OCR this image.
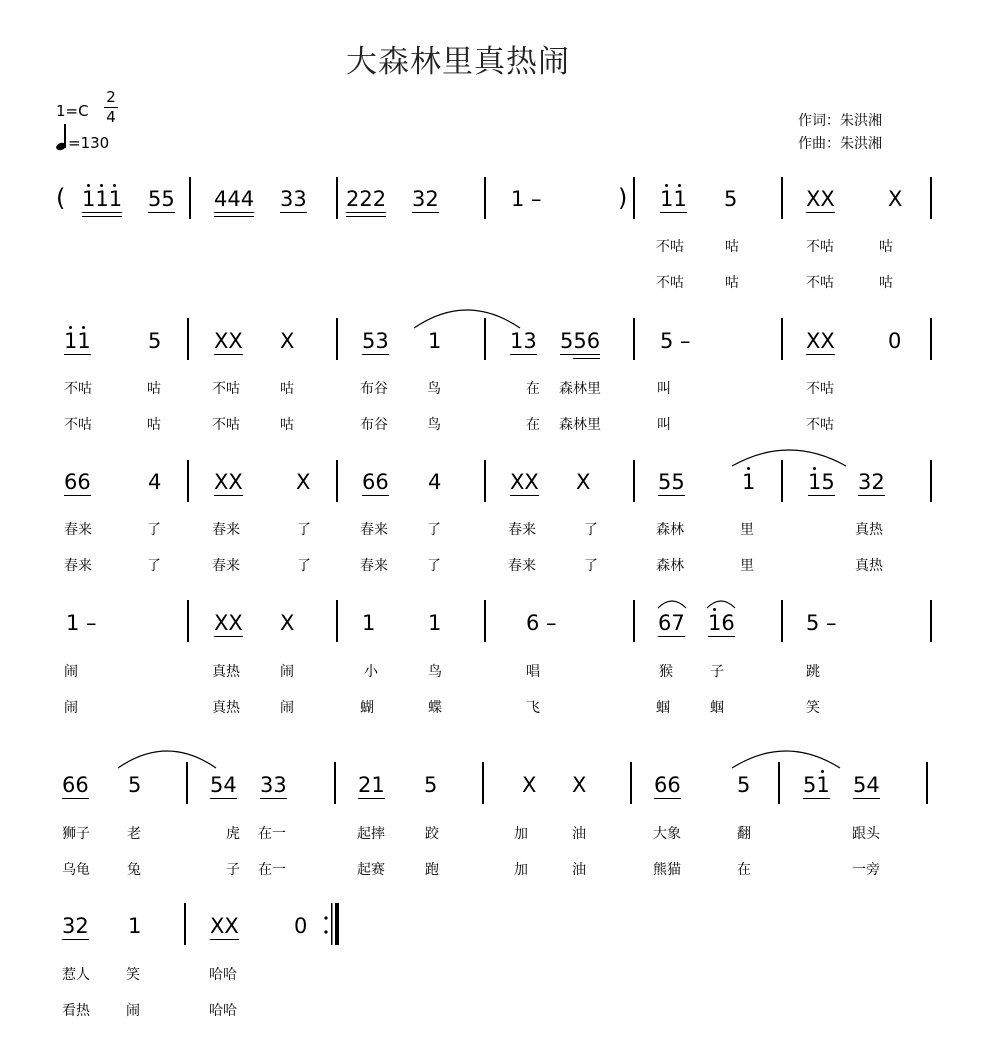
大森林里真热闹
1=C
2
4
=130
作词：朱洪湘
作曲：朱洪湘
(	)
111 55 444 33 222 32	1 –	11 5	XX	X
不咕	咕	不咕	咕
不咕	咕	不咕	咕
11	5	XX X	53 1	13 556	5 –	XX	0
不咕	咕	不咕	咕	布谷	鸟	在 森林里	叫	不咕
不咕	咕	不咕	咕	布谷	鸟	在 森林里	叫	不咕
66	4	XX	X 66 4	XX X	55	1	15 32
春来	了	春来	了	春来	了	春来	了	森林	里	真热
春来	了	春来	了	春来	了	春来	了	森林	里	真热
1 –	XX X	1	1	6 –	67 16	5 –
闹	真热	闹	小	鸟	唱	猴	子	跳
闹	真热	闹	蝴	蝶	飞	蝈	蝈	笑
66 5	54 33	21 5	X X	66	5	51 54
狮子	老	虎 在一	起摔	跤	加	油	大象	翻	跟头
乌龟	兔	子 在一	起赛	跑	加	油	熊猫	在	一旁
32 1	XX	0
惹人	笑	哈哈
看热	闹	哈哈
